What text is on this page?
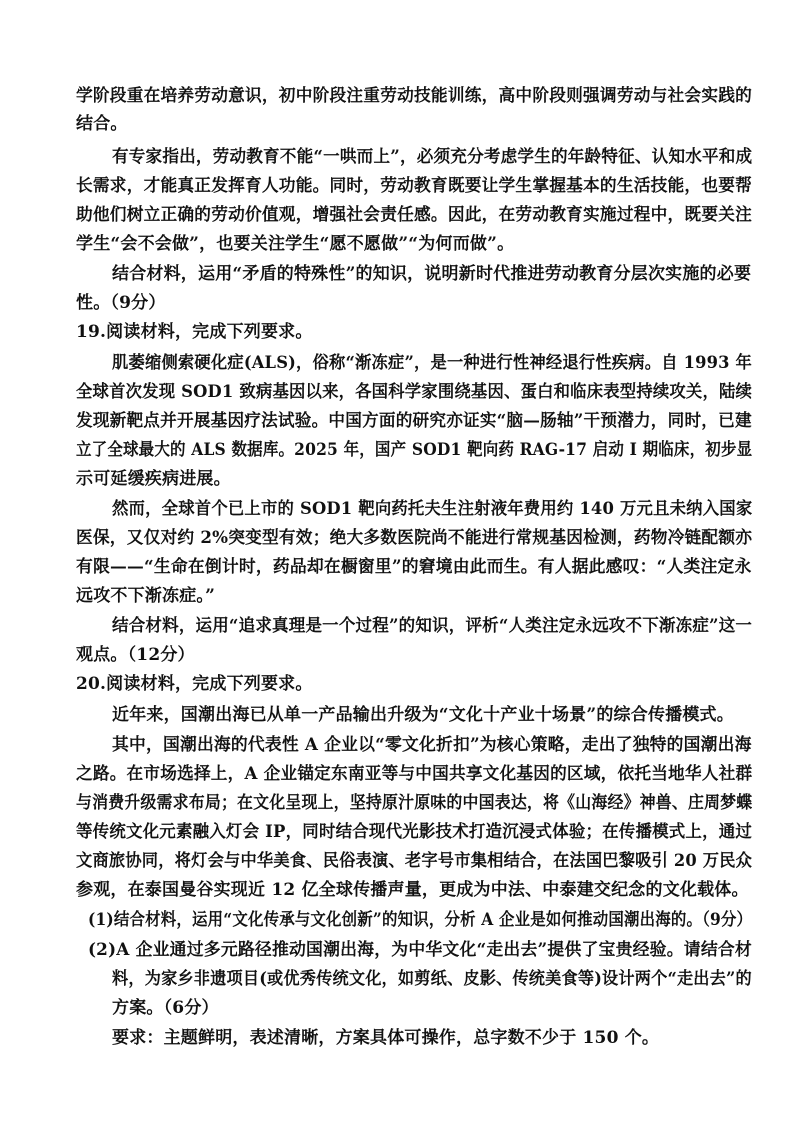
学阶段重在培养劳动意识，初中阶段注重劳动技能训练，高中阶段则强调劳动与社会实践的
结合。
有专家指出，劳动教育不能“一哄而上”，必须充分考虑学生的年龄特征、认知水平和成
长需求，才能真正发挥育人功能。同时，劳动教育既要让学生掌握基本的生活技能，也要帮
助他们树立正确的劳动价值观，增强社会责任感。因此，在劳动教育实施过程中，既要关注
学生“会不会做”，也要关注学生“愿不愿做”“为何而做”。
结合材料，运用“矛盾的特殊性”的知识，说明新时代推进劳动教育分层次实施的必要
性。（9分）
19.阅读材料，完成下列要求。
肌萎缩侧索硬化症(ALS)，俗称“渐冻症”，是一种进行性神经退行性疾病。自 1993 年
全球首次发现 SOD1 致病基因以来，各国科学家围绕基因、蛋白和临床表型持续攻关，陆续
发现新靶点并开展基因疗法试验。中国方面的研究亦证实“脑—肠轴”干预潜力，同时，已建
立了全球最大的 ALS 数据库。2025 年，国产 SOD1 靶向药 RAG-17 启动 Ⅰ 期临床，初步显
示可延缓疾病进展。
然而，全球首个已上市的 SOD1 靶向药托夫生注射液年费用约 140 万元且未纳入国家
医保，又仅对约 2%突变型有效；绝大多数医院尚不能进行常规基因检测，药物冷链配额亦
有限——“生命在倒计时，药品却在橱窗里”的窘境由此而生。有人据此感叹：“人类注定永
远攻不下渐冻症。”
结合材料，运用“追求真理是一个过程”的知识，评析“人类注定永远攻不下渐冻症”这一
观点。（12分）
20.阅读材料，完成下列要求。
近年来，国潮出海已从单一产品输出升级为“文化十产业十场景”的综合传播模式。
其中，国潮出海的代表性 A 企业以“零文化折扣”为核心策略，走出了独特的国潮出海
之路。在市场选择上，A 企业锚定东南亚等与中国共享文化基因的区域，依托当地华人社群
与消费升级需求布局；在文化呈现上，坚持原汁原味的中国表达，将《山海经》神兽、庄周梦蝶
等传统文化元素融入灯会 IP，同时结合现代光影技术打造沉浸式体验；在传播模式上，通过
文商旅协同，将灯会与中华美食、民俗表演、老字号市集相结合，在法国巴黎吸引 20 万民众
参观，在泰国曼谷实现近 12 亿全球传播声量，更成为中法、中泰建交纪念的文化载体。
(1)结合材料，运用“文化传承与文化创新”的知识，分析 A 企业是如何推动国潮出海的。（9分）
(2)A 企业通过多元路径推动国潮出海，为中华文化“走出去”提供了宝贵经验。请结合材
料，为家乡非遗项目(或优秀传统文化，如剪纸、皮影、传统美食等)设计两个“走出去”的
方案。（6分）
要求：主题鲜明，表述清晰，方案具体可操作，总字数不少于 150 个。
